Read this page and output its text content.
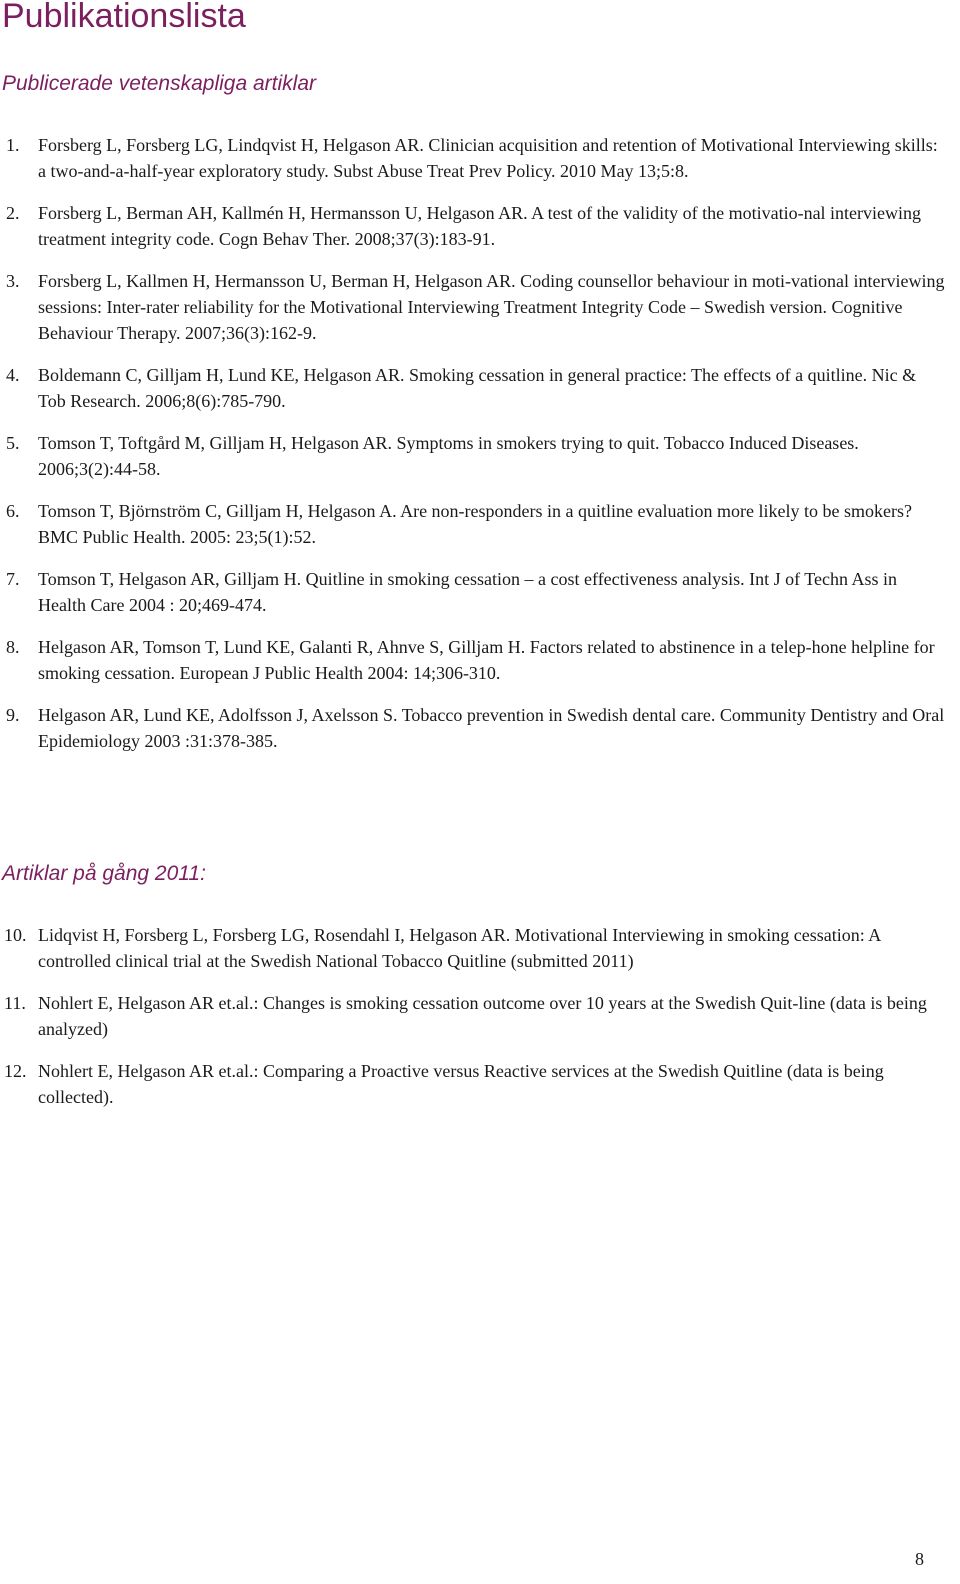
Publikationslista
Publicerade vetenskapliga artiklar
1.	Forsberg L, Forsberg LG, Lindqvist H, Helgason AR. Clinician acquisition and retention of Motivational Interviewing skills: a two-and-a-half-year exploratory study. Subst Abuse Treat Prev Policy. 2010 May 13;5:8.
2.	Forsberg L, Berman AH, Kallmén H, Hermansson U, Helgason AR. A test of the validity of the motivatio-nal interviewing treatment integrity code. Cogn Behav Ther. 2008;37(3):183-91.
3.	Forsberg L, Kallmen H, Hermansson U, Berman H, Helgason AR. Coding counsellor behaviour in moti-vational interviewing sessions: Inter-rater reliability for the Motivational Interviewing Treatment Integrity Code – Swedish version. Cognitive Behaviour Therapy. 2007;36(3):162-9.
4.	Boldemann C, Gilljam H, Lund KE, Helgason AR. Smoking cessation in general practice: The effects of a quitline. Nic & Tob Research. 2006;8(6):785-790.
5.	Tomson T, Toftgård M, Gilljam H, Helgason AR. Symptoms in smokers trying to quit. Tobacco Induced Diseases. 2006;3(2):44-58.
6.	Tomson T, Björnström C, Gilljam H, Helgason A. Are non-responders in a quitline evaluation more likely to be smokers? BMC Public Health. 2005: 23;5(1):52.
7.	Tomson T, Helgason AR, Gilljam H. Quitline in smoking cessation – a cost effectiveness analysis. Int J of Techn Ass in Health Care 2004 : 20;469-474.
8.	Helgason AR, Tomson T, Lund KE, Galanti R, Ahnve S, Gilljam H. Factors related to abstinence in a telep-hone helpline for smoking cessation. European J Public Health 2004: 14;306-310.
9.	Helgason AR, Lund KE, Adolfsson J, Axelsson S. Tobacco prevention in Swedish dental care. Community Dentistry and Oral Epidemiology 2003 :31:378-385.
Artiklar på gång 2011:
10. Lidqvist H, Forsberg L, Forsberg LG, Rosendahl I, Helgason AR. Motivational Interviewing in smoking cessation: A controlled clinical trial at the Swedish National Tobacco Quitline (submitted 2011)
11. Nohlert E, Helgason AR et.al.: Changes is smoking cessation outcome over 10 years at the Swedish Quit-line (data is being analyzed)
12. Nohlert E, Helgason AR et.al.: Comparing a Proactive versus Reactive services at the Swedish Quitline (data is being collected).
8
